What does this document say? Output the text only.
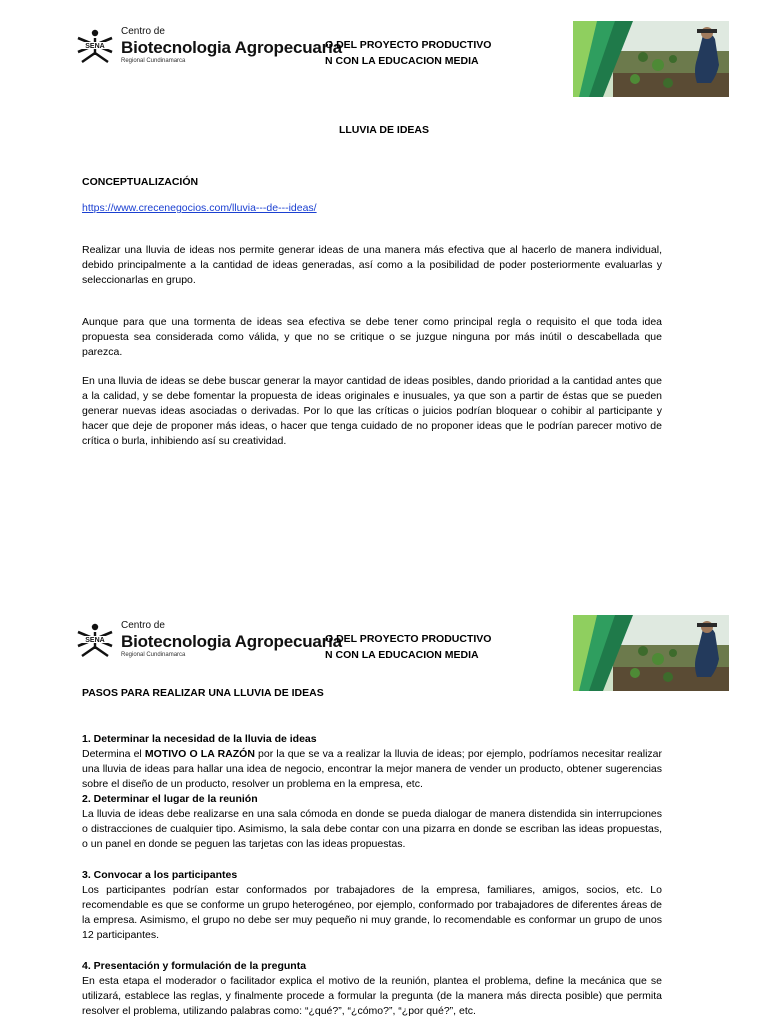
SENA
Centro de
Biotecnologia Agropecuaria
Regional Cundinamarca
O DEL PROYECTO PRODUCTIVO
N CON LA EDUCACION MEDIA
LLUVIA DE IDEAS
CONCEPTUALIZACIÓN
https://www.crecenegocios.com/lluvia---de---ideas/
Realizar una lluvia de ideas nos permite generar ideas de una manera más efectiva que al hacerlo de manera individual, debido principalmente a la cantidad de ideas generadas, así como a la posibilidad de poder posteriormente evaluarlas y seleccionarlas en grupo.
Aunque para que una tormenta de ideas sea efectiva se debe tener como principal regla o requisito el que toda idea propuesta sea considerada como válida, y que no se critique o se juzgue ninguna por más inútil o descabellada que parezca.
En una lluvia de ideas se debe buscar generar la mayor cantidad de ideas posibles, dando prioridad a la cantidad antes que a la calidad, y se debe fomentar la propuesta de ideas originales e inusuales, ya que son a partir de éstas que se pueden generar nuevas ideas asociadas o derivadas. Por lo que las críticas o juicios podrían bloquear o cohibir al participante y hacer que deje de proponer más ideas, o hacer que tenga cuidado de no proponer ideas que le podrían parecer motivo de crítica o burla, inhibiendo así su creatividad.
SENA
Centro de
Biotecnologia Agropecuaria
Regional Cundinamarca
O DEL PROYECTO PRODUCTIVO
N CON LA EDUCACION MEDIA
PASOS PARA REALIZAR UNA LLUVIA DE IDEAS
1. Determinar la necesidad de la lluvia de ideas
Determina el MOTIVO O LA RAZÓN por la que se va a realizar la lluvia de ideas; por ejemplo, podríamos necesitar realizar una lluvia de ideas para hallar una idea de negocio, encontrar la mejor manera de vender un producto, obtener sugerencias sobre el diseño de un producto, resolver un problema en la empresa, etc.
2. Determinar el lugar de la reunión
La lluvia de ideas debe realizarse en una sala cómoda en donde se pueda dialogar de manera distendida sin interrupciones o distracciones de cualquier tipo. Asimismo, la sala debe contar con una pizarra en donde se escriban las ideas propuestas, o un panel en donde se peguen las tarjetas con las ideas propuestas.
3. Convocar a los participantes
Los participantes podrían estar conformados por trabajadores de la empresa, familiares, amigos, socios, etc. Lo recomendable es que se conforme un grupo heterogéneo, por ejemplo, conformado por trabajadores de diferentes áreas de la empresa. Asimismo, el grupo no debe ser muy pequeño ni muy grande, lo recomendable es conformar un grupo de unos 12 participantes.
4. Presentación y formulación de la pregunta
En esta etapa el moderador o facilitador explica el motivo de la reunión, plantea el problema, define la mecánica que se utilizará, establece las reglas, y finalmente procede a formular la pregunta (de la manera más directa posible) que permita resolver el problema, utilizando palabras como: “¿qué?”, “¿cómo?”, “¿por qué?”, etc.
